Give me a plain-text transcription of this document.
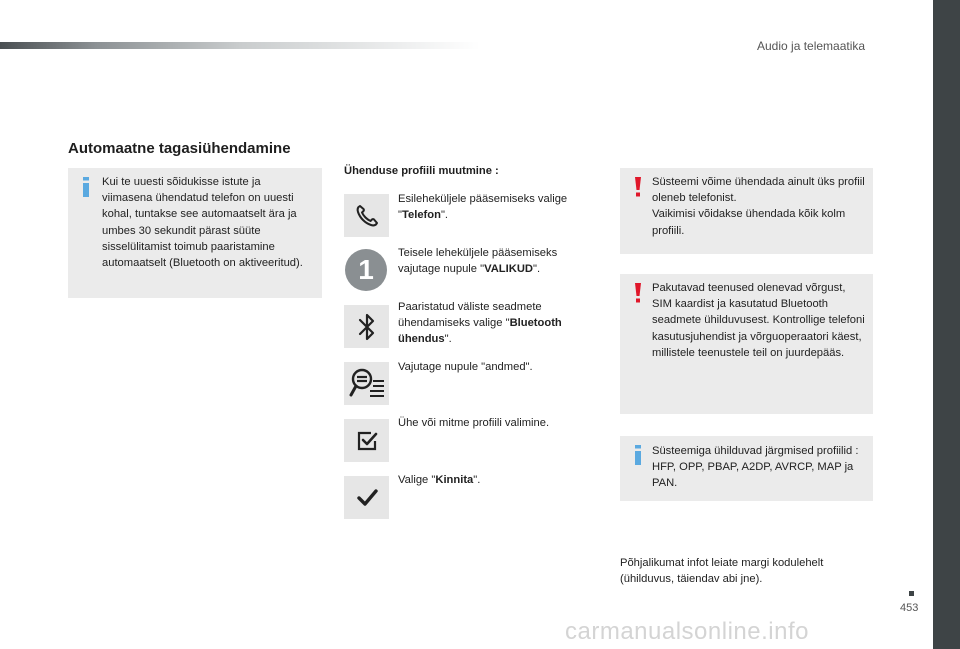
Audio ja telemaatika
Automaatne tagasiühendamine
Kui te uuesti sõidukisse istute ja viimasena ühendatud telefon on uuesti kohal, tuntakse see automaatselt ära ja umbes 30 sekundit pärast süüte sisselülitamist toimub paaristamine automaatselt (Bluetooth on aktiveeritud).
Ühenduse profiili muutmine :
Esileheküljele pääsemiseks valige "Telefon".
1
Teisele leheküljele pääsemiseks vajutage nupule "VALIKUD".
Paaristatud väliste seadmete ühendamiseks valige "Bluetooth ühendus".
Vajutage nupule "andmed".
Ühe või mitme profiili valimine.
Valige "Kinnita".
Süsteemi võime ühendada ainult üks profiil oleneb telefonist.
Vaikimisi võidakse ühendada kõik kolm profiili.
Pakutavad teenused olenevad võrgust, SIM kaardist ja kasutatud Bluetooth seadmete ühilduvusest. Kontrollige telefoni kasutusjuhendist ja võrguoperaatori käest, millistele teenustele teil on juurdepääs.
Süsteemiga ühilduvad järgmised profiilid : HFP, OPP, PBAP, A2DP, AVRCP, MAP ja PAN.
Põhjalikumat infot leiate margi kodulehelt (ühilduvus, täiendav abi jne).
453
carmanualsonline.info
